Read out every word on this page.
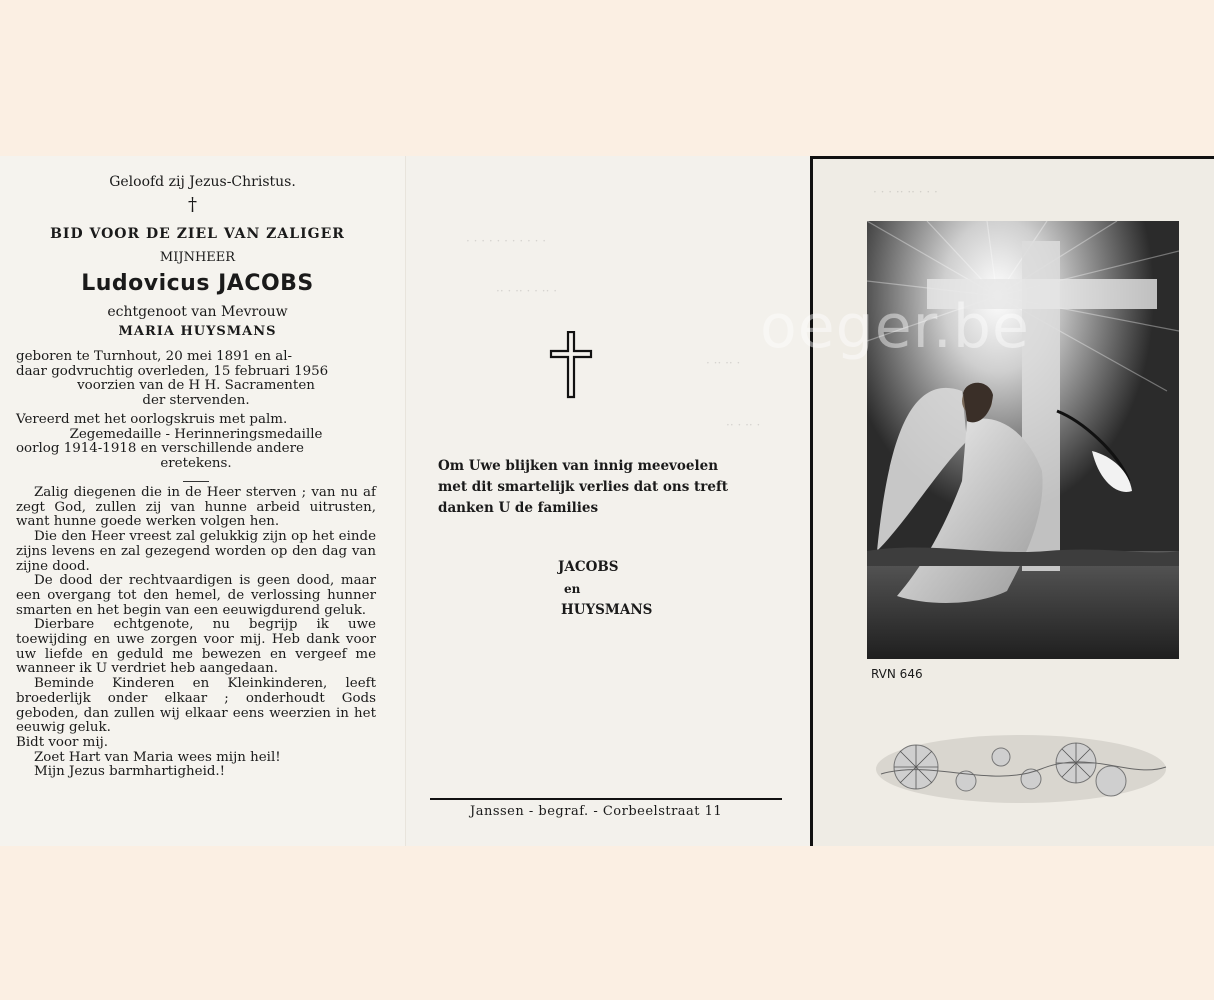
Geloofd zij Jezus-Christus.
†
BID VOOR DE ZIEL VAN ZALIGER
MIJNHEER
Ludovicus JACOBS
echtgenoot van Mevrouw
MARIA HUYSMANS

geboren te Turnhout, 20 mei 1891 en al-

daar godvruchtig overleden, 15 februari 1956

voorzien van de H H. Sacramenten

der stervenden.

Vereerd met het oorlogskruis met palm.

Zegemedaille - Herinneringsmedaille

oorlog 1914-1918 en verschillende andere

eretekens.

Zalig diegenen die in de Heer sterven ; van nu af zegt God, zullen zij van hunne arbeid uitrusten, want hunne goede werken volgen hen.

Die den Heer vreest zal gelukkig zijn op het einde zijns levens en zal gezegend worden op den dag van zijne dood.

De dood der rechtvaardigen is geen dood, maar een overgang tot den hemel, de verlossing hunner smarten en het begin van een eeuwigdurend geluk.

Dierbare echtgenote, nu begrijp ik uwe toewijding en uwe zorgen voor mij. Heb dank voor uw liefde en geduld me bewezen en vergeef me wanneer ik U verdriet heb aangedaan.

Beminde Kinderen en Kleinkinderen, leeft broederlijk onder elkaar ; onderhoudt Gods geboden, dan zullen wij elkaar eens weerzien in het eeuwig geluk.

Bidt voor mij.

Zoet Hart van Maria wees mijn heil!

Mijn Jezus barmhartigheid.!

· · · · · · · · · · ·
·· · ·· · · ·· ·
· ·· ·· ·
·· · ·· ·
Om Uwe blijken van innig meevoelen
met dit smartelijk verlies dat ons treft
danken U de families
JACOBS
en
HUYSMANS
Janssen - begraf. - Corbeelstraat 11
· · · ·· ·· · · ·
RVN 646
oeger.be
